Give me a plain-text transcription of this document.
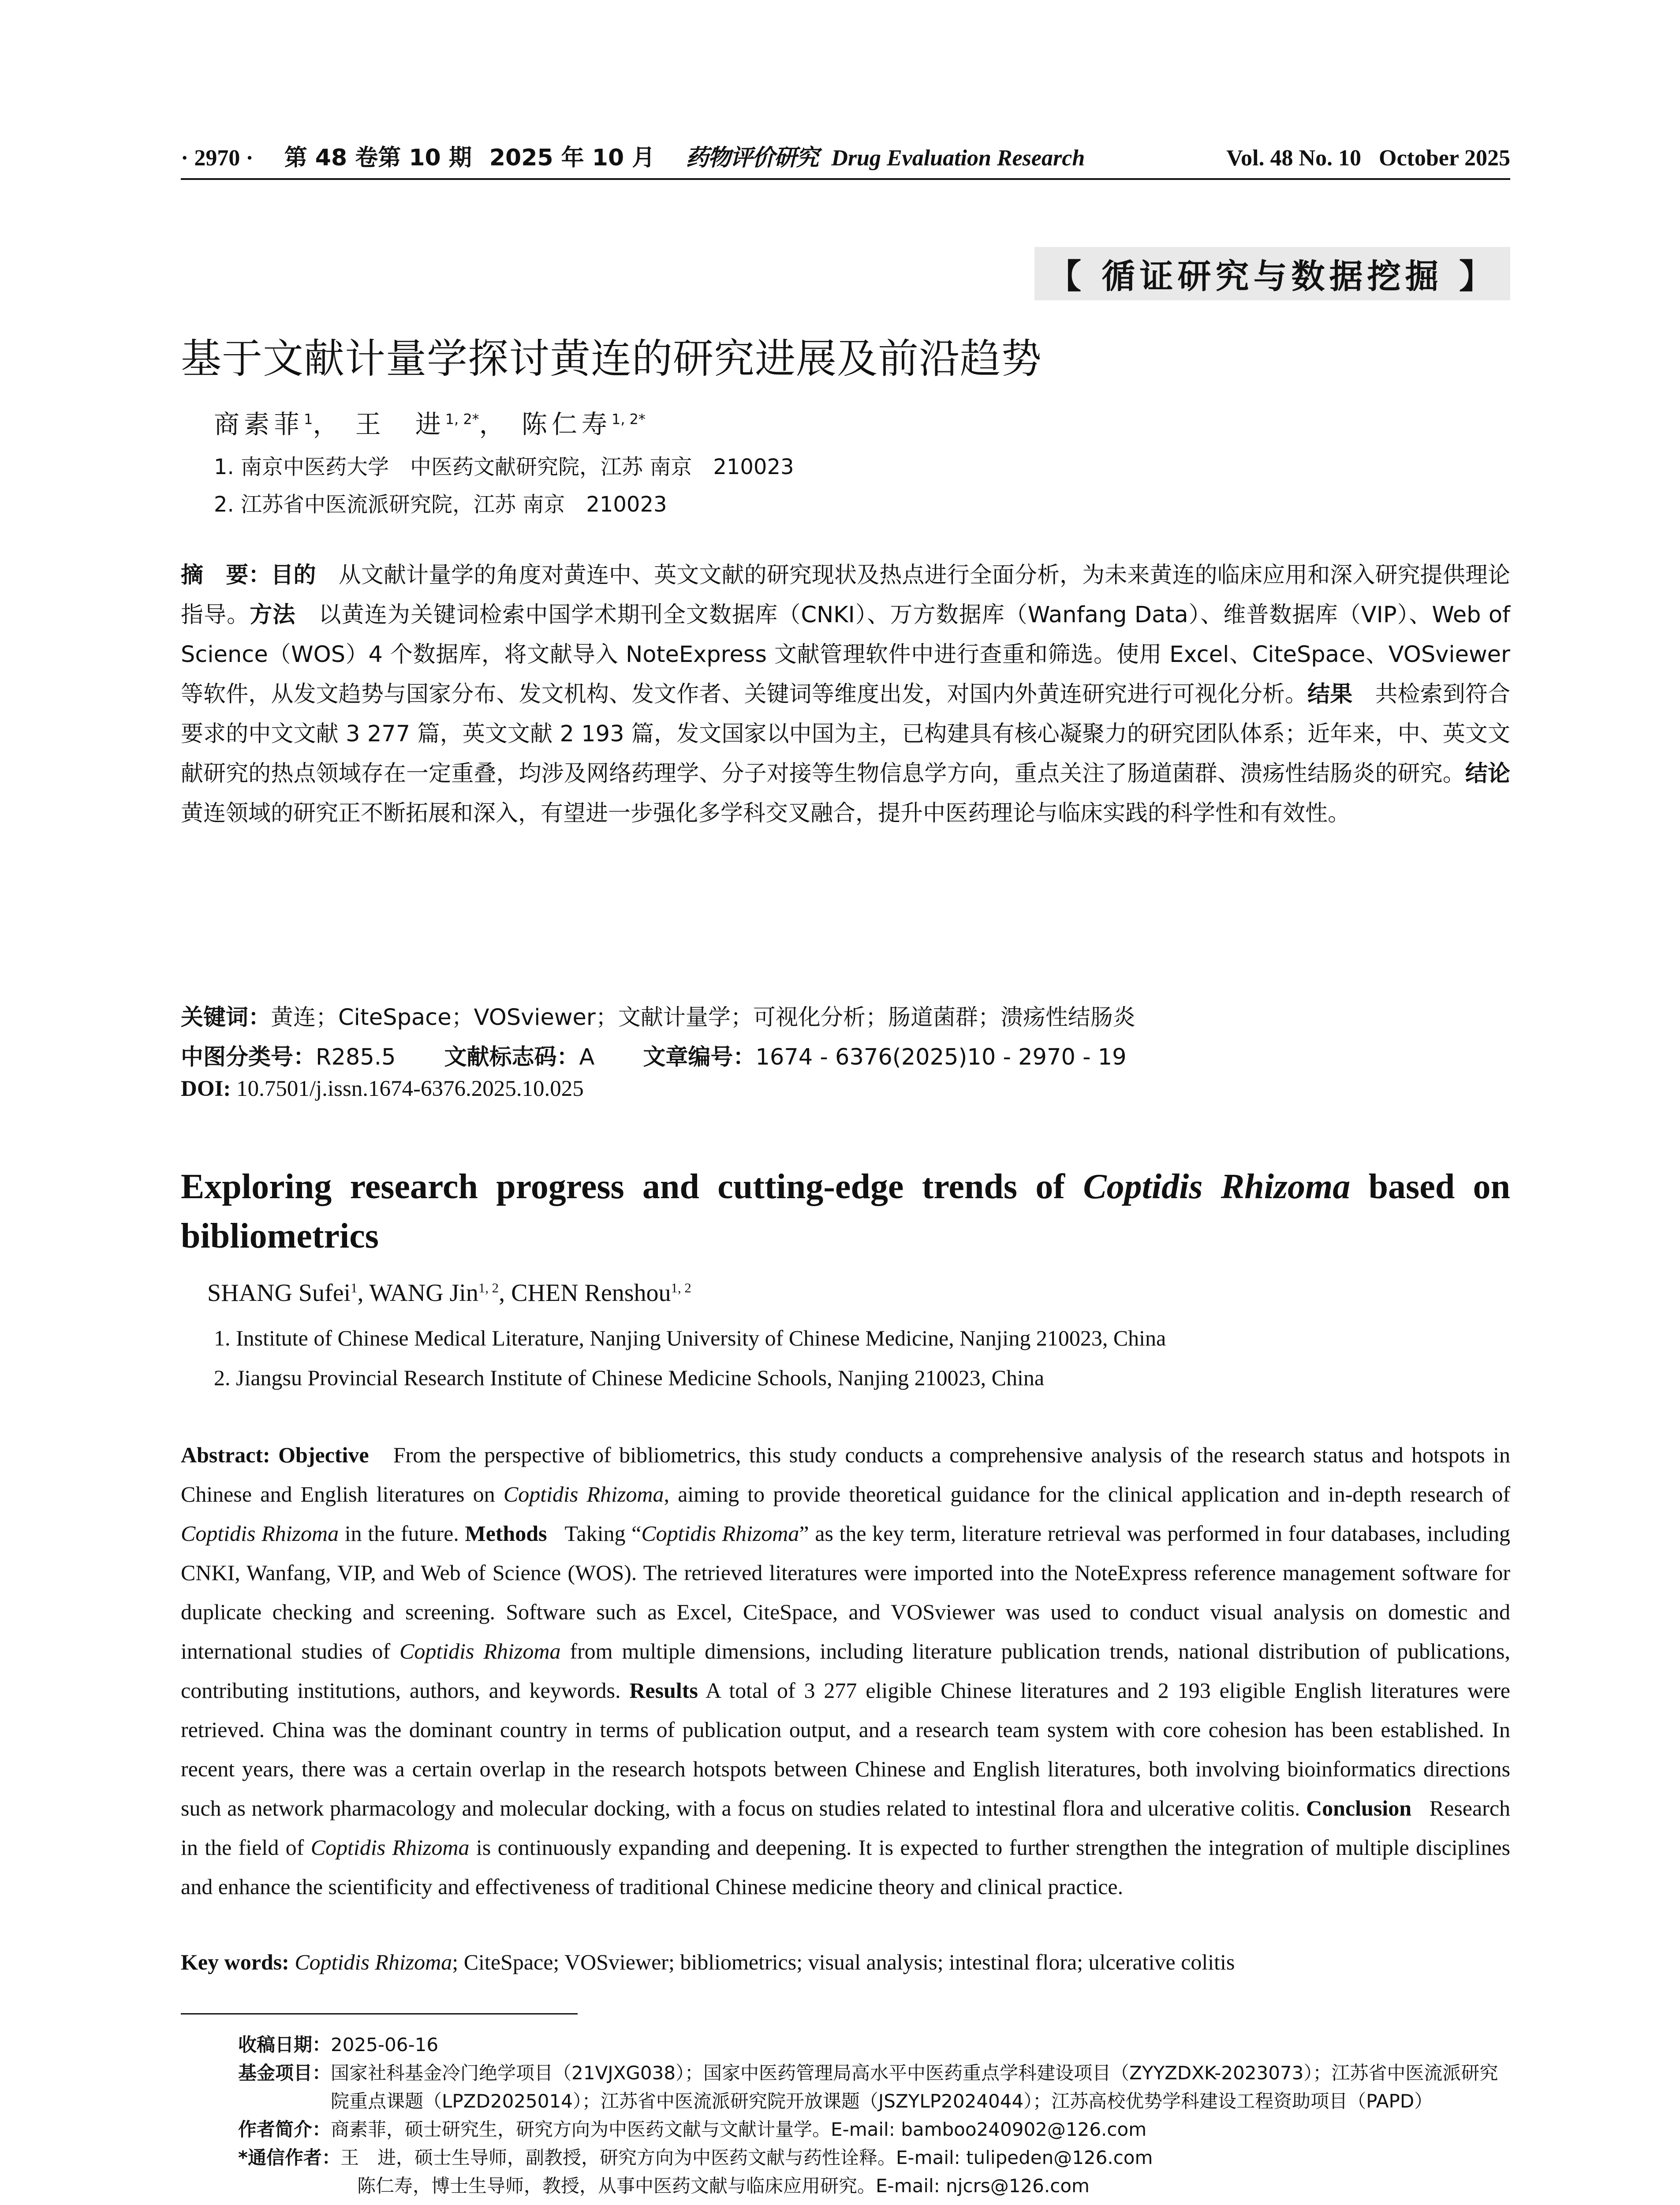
· 2970 · 第 48 卷第 10 期 2025 年 10 月 药物评价研究 Drug Evaluation Research	Vol. 48 No. 10 October 2025
【 循证研究与数据挖掘 】
基于文献计量学探讨黄连的研究进展及前沿趋势
商素菲$^1$， 王　进$^{1, 2*}$， 陈仁寿$^{1, 2*}$
1. 南京中医药大学　中医药文献研究院，江苏 南京　210023
2. 江苏省中医流派研究院，江苏 南京　210023
摘　要：目的　 从文献计量学的角度对黄连中、英文文献的研究现状及热点进行全面分析，为未来黄连的临床应用和深入研究提供理论指导。方法　 以黄连为关键词检索中国学术期刊全文数据库（CNKI）、万方数据库（Wanfang Data）、维普数据库（VIP）、Web of Science（WOS）4 个数据库，将文献导入 NoteExpress 文献管理软件中进行查重和筛选。使用 Excel、CiteSpace、VOSviewer 等软件，从发文趋势与国家分布、发文机构、发文作者、关键词等维度出发，对国内外黄连研究进行可视化分析。结果　 共检索到符合要求的中文文献 3 277 篇，英文文献 2 193 篇，发文国家以中国为主，已构建具有核心凝聚力的研究团队体系；近年来，中、英文文献研究的热点领域存在一定重叠，均涉及网络药理学、分子对接等生物信息学方向，重点关注了肠道菌群、溃疡性结肠炎的研究。结论　黄连领域的研究正不断拓展和深入，有望进一步强化多学科交叉融合，提升中医药理论与临床实践的科学性和有效性。
关键词：黄连；CiteSpace；VOSviewer；文献计量学；可视化分析；肠道菌群；溃疡性结肠炎
中图分类号：R285.5 文献标志码：A 文章编号：1674 - 6376(2025)10 - 2970 - 19
DOI: 10.7501/j.issn.1674-6376.2025.10.025
Exploring research progress and cutting-edge trends of Coptidis Rhizoma based on bibliometrics
SHANG Sufei$^1$, WANG Jin$^{1, 2}$, CHEN Renshou$^{1, 2}$
1. Institute of Chinese Medical Literature, Nanjing University of Chinese Medicine, Nanjing 210023, China
2. Jiangsu Provincial Research Institute of Chinese Medicine Schools, Nanjing 210023, China
Abstract: Objective From the perspective of bibliometrics, this study conducts a comprehensive analysis of the research status and hotspots in Chinese and English literatures on Coptidis Rhizoma, aiming to provide theoretical guidance for the clinical application and in-depth research of Coptidis Rhizoma in the future. Methods Taking “Coptidis Rhizoma” as the key term, literature retrieval was performed in four databases, including CNKI, Wanfang, VIP, and Web of Science (WOS). The retrieved literatures were imported into the NoteExpress reference management software for duplicate checking and screening. Software such as Excel, CiteSpace, and VOSviewer was used to conduct visual analysis on domestic and international studies of Coptidis Rhizoma from multiple dimensions, including literature publication trends, national distribution of publications, contributing institutions, authors, and keywords. Results A total of 3 277 eligible Chinese literatures and 2 193 eligible English literatures were retrieved. China was the dominant country in terms of publication output, and a research team system with core cohesion has been established. In recent years, there was a certain overlap in the research hotspots between Chinese and English literatures, both involving bioinformatics directions such as network pharmacology and molecular docking, with a focus on studies related to intestinal flora and ulcerative colitis. Conclusion Research in the field of Coptidis Rhizoma is continuously expanding and deepening. It is expected to further strengthen the integration of multiple disciplines and enhance the scientificity and effectiveness of traditional Chinese medicine theory and clinical practice.
Key words: Coptidis Rhizoma; CiteSpace; VOSviewer; bibliometrics; visual analysis; intestinal flora; ulcerative colitis
收稿日期： 2025-06-16
基金项目： 国家社科基金冷门绝学项目（21VJXG038）；国家中医药管理局高水平中医药重点学科建设项目（ZYYZDXK-2023073）；江苏省中医流派研究院重点课题（LPZD2025014）；江苏省中医流派研究院开放课题（JSZYLP2024044）；江苏高校优势学科建设工程资助项目（PAPD）
作者简介： 商素菲，硕士研究生，研究方向为中医药文献与文献计量学。E-mail: bamboo240902@126.com
*通信作者： 王　进，硕士生导师，副教授，研究方向为中医药文献与药性诠释。E-mail: tulipeden@126.com
陈仁寿，博士生导师，教授，从事中医药文献与临床应用研究。E-mail: njcrs@126.com
